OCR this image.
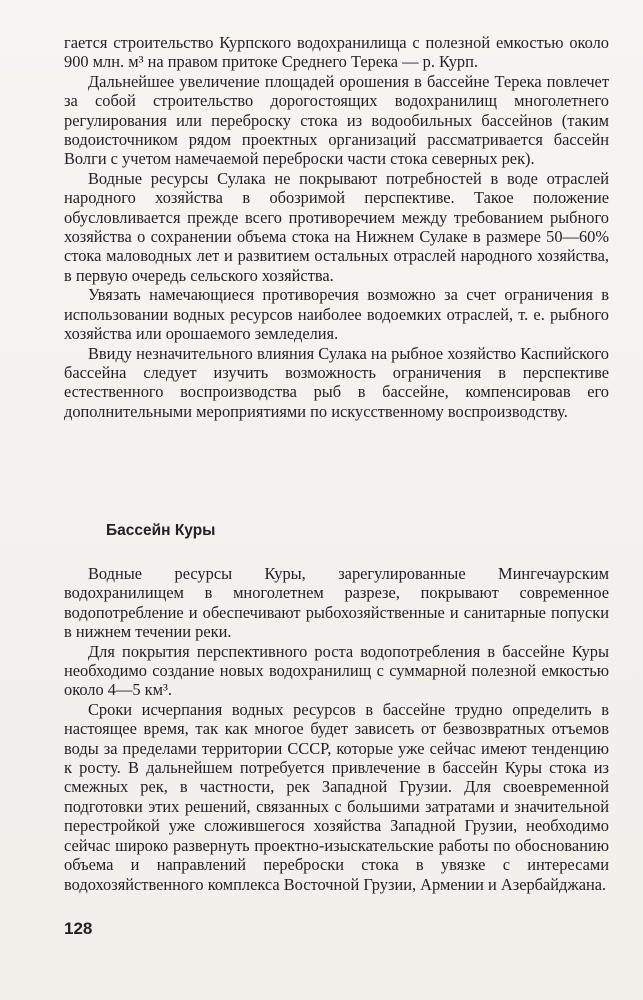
гается строительство Курпского водохранилища с полезной емкостью около 900 млн. м³ на правом притоке Среднего Терека — р. Курп.

Дальнейшее увеличение площадей орошения в бассейне Терека повлечет за собой строительство дорогостоящих водохранилищ многолетнего регулирования или переброску стока из водообильных бассейнов (таким водоисточником рядом проектных организаций рассматривается бассейн Волги с учетом намечаемой переброски части стока северных рек).

Водные ресурсы Сулака не покрывают потребностей в воде отраслей народного хозяйства в обозримой перспективе. Такое положение обусловливается прежде всего противоречием между требованием рыбного хозяйства о сохранении объема стока на Нижнем Сулаке в размере 50—60% стока маловодных лет и развитием остальных отраслей народного хозяйства, в первую очередь сельского хозяйства.

Увязать намечающиеся противоречия возможно за счет ограничения в использовании водных ресурсов наиболее водоемких отраслей, т. е. рыбного хозяйства или орошаемого земледелия.

Ввиду незначительного влияния Сулака на рыбное хозяйство Каспийского бассейна следует изучить возможность ограничения в перспективе естественного воспроизводства рыб в бассейне, компенсировав его дополнительными мероприятиями по искусственному воспроизводству.

Бассейн Куры

Водные ресурсы Куры, зарегулированные Мингечаурским водохранилищем в многолетнем разрезе, покрывают современное водопотребление и обеспечивают рыбохозяйственные и санитарные попуски в нижнем течении реки.

Для покрытия перспективного роста водопотребления в бассейне Куры необходимо создание новых водохранилищ с суммарной полезной емкостью около 4—5 км³.

Сроки исчерпания водных ресурсов в бассейне трудно определить в настоящее время, так как многое будет зависеть от безвозвратных отъемов воды за пределами территории СССР, которые уже сейчас имеют тенденцию к росту. В дальнейшем потребуется привлечение в бассейн Куры стока из смежных рек, в частности, рек Западной Грузии. Для своевременной подготовки этих решений, связанных с большими затратами и значительной перестройкой уже сложившегося хозяйства Западной Грузии, необходимо сейчас широко развернуть проектно-изыскательские работы по обоснованию объема и направлений переброски стока в увязке с интересами водохозяйственного комплекса Восточной Грузии, Армении и Азербайджана.

128
